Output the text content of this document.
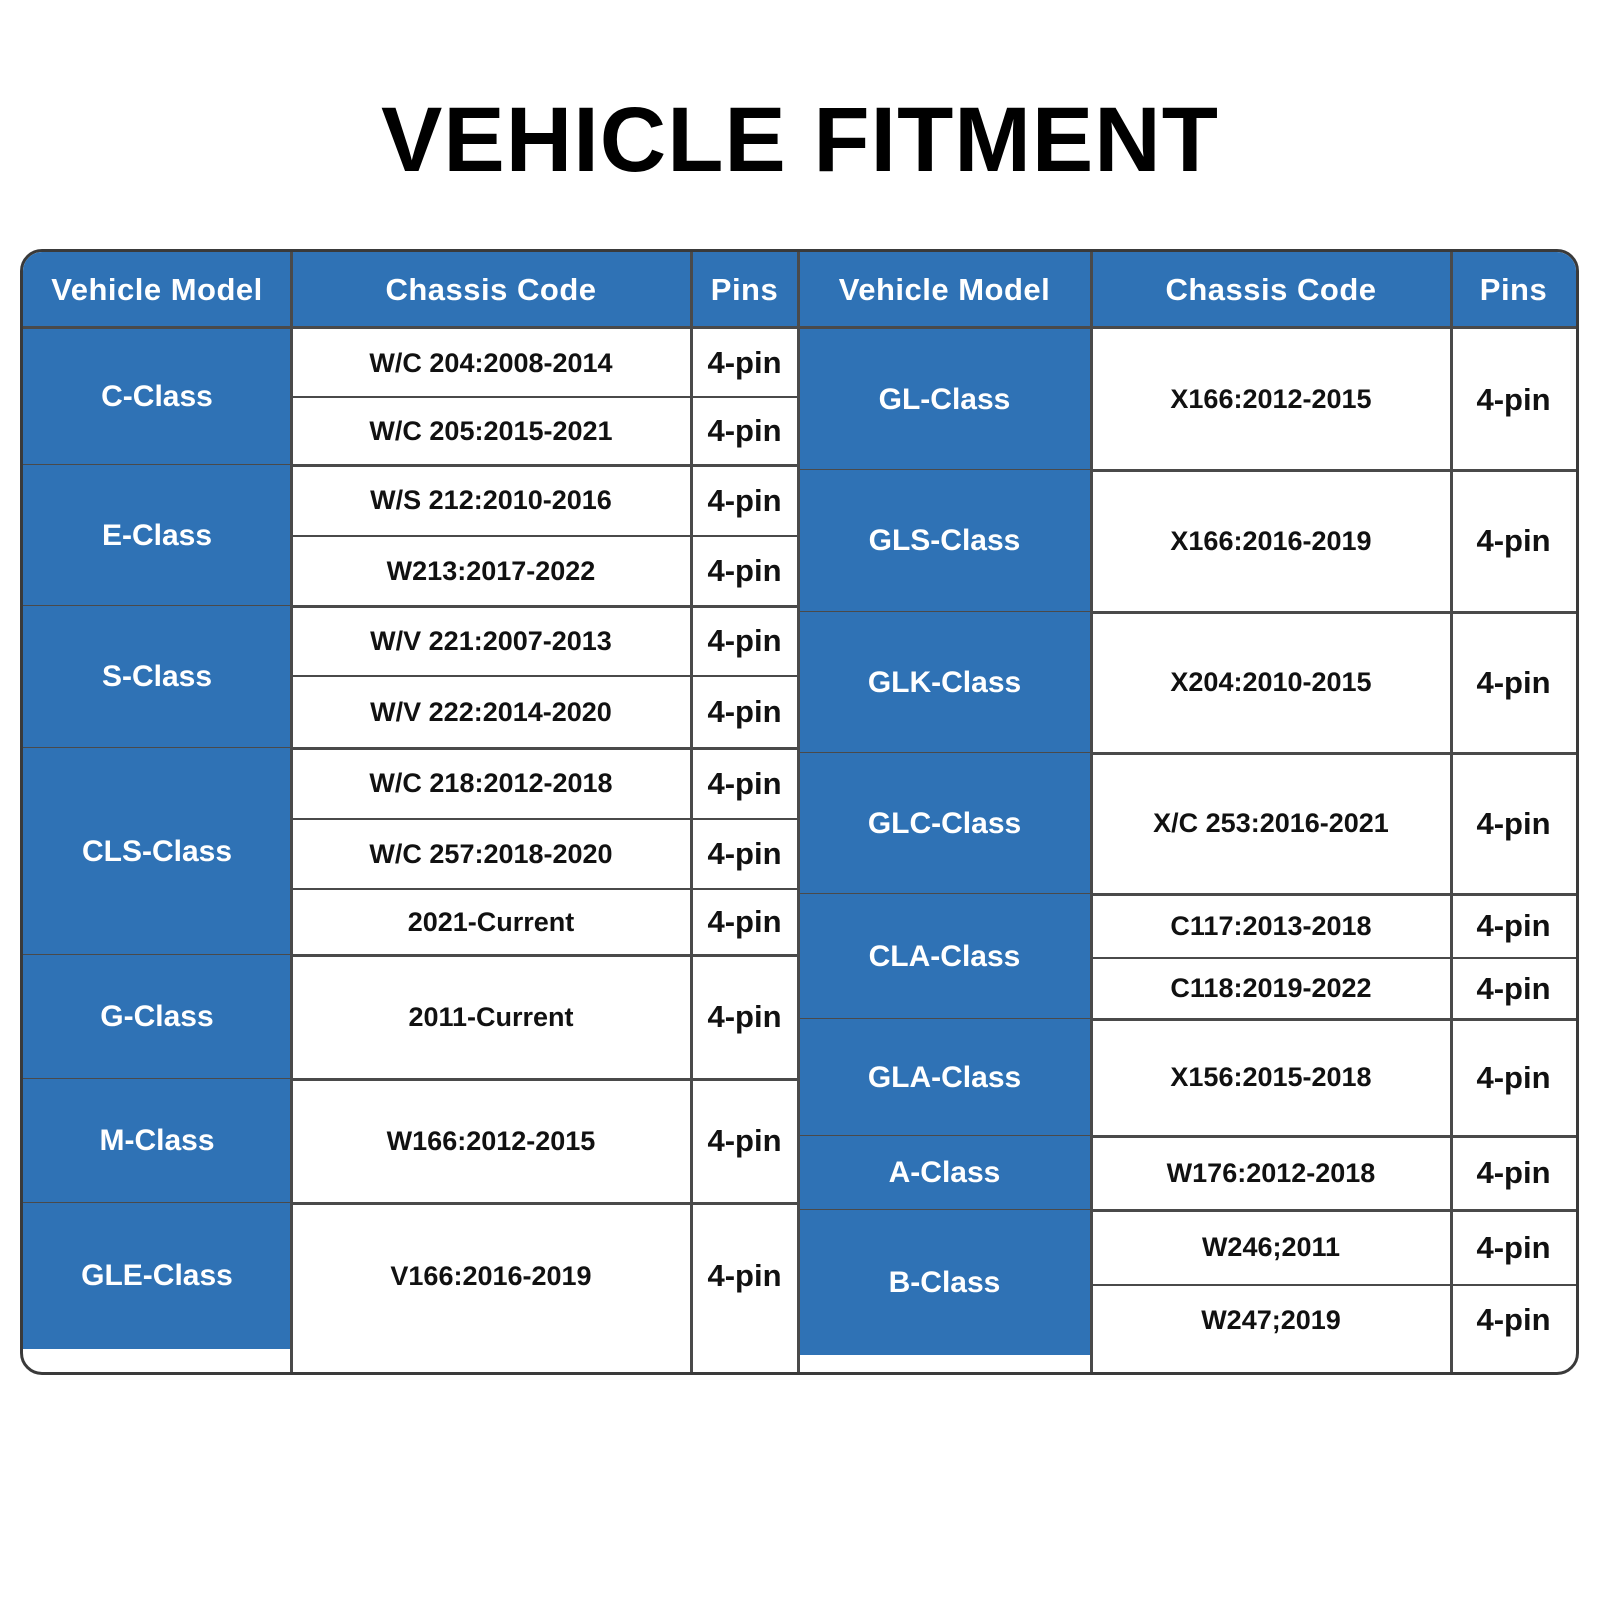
VEHICLE FITMENT
Vehicle Model	Chassis Code	Pins	Vehicle Model	Chassis Code	Pins
C-Class
W/C 204:2008-2014	4-pin
W/C 205:2015-2021	4-pin
E-Class
W/S 212:2010-2016	4-pin
W213:2017-2022	4-pin
S-Class
W/V 221:2007-2013	4-pin
W/V 222:2014-2020	4-pin
CLS-Class
W/C 218:2012-2018	4-pin
W/C 257:2018-2020	4-pin
2021-Current	4-pin
G-Class	2011-Current	4-pin
M-Class	W166:2012-2015	4-pin
GLE-Class	V166:2016-2019	4-pin
GL-Class	X166:2012-2015	4-pin
GLS-Class	X166:2016-2019	4-pin
GLK-Class	X204:2010-2015	4-pin
GLC-Class	X/C 253:2016-2021	4-pin
CLA-Class
C117:2013-2018	4-pin
C118:2019-2022	4-pin
GLA-Class	X156:2015-2018	4-pin
A-Class	W176:2012-2018	4-pin
B-Class
W246;2011	4-pin
W247;2019	4-pin
